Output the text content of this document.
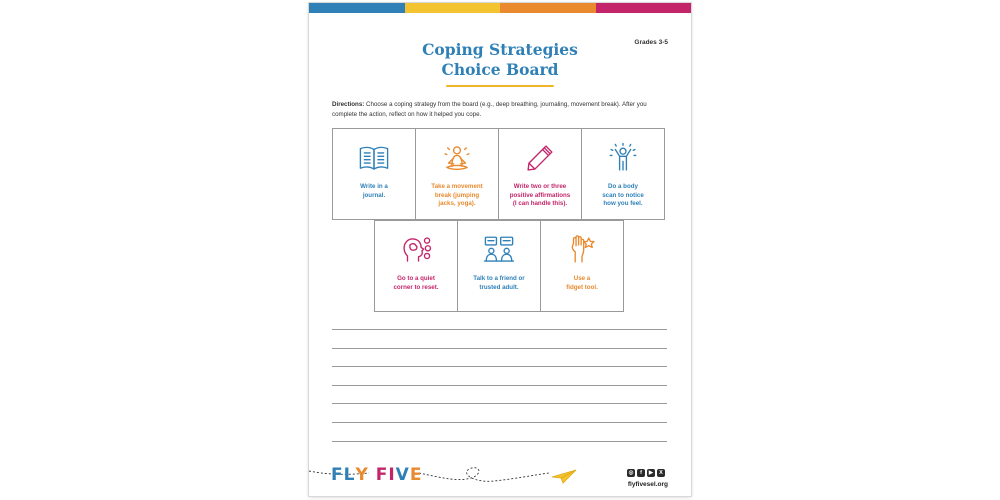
Grades 3-5
Coping Strategies
Choice Board
Directions: Choose a coping strategy from the board (e.g., deep breathing, journaling, movement break). After you complete the action, reflect on how it helped you cope.
Write in a
journal.
Take a movement
break (jumping
jacks, yoga).
Write two or three
positive affirmations
(I can handle this).
Do a body
scan to notice
how you feel.
Go to a quiet
corner to reset.
Talk to a friend or
trusted adult.
Use a
fidget tool.
F L Y
F I V E	◎	f	▶	X
flyfivesel.org
